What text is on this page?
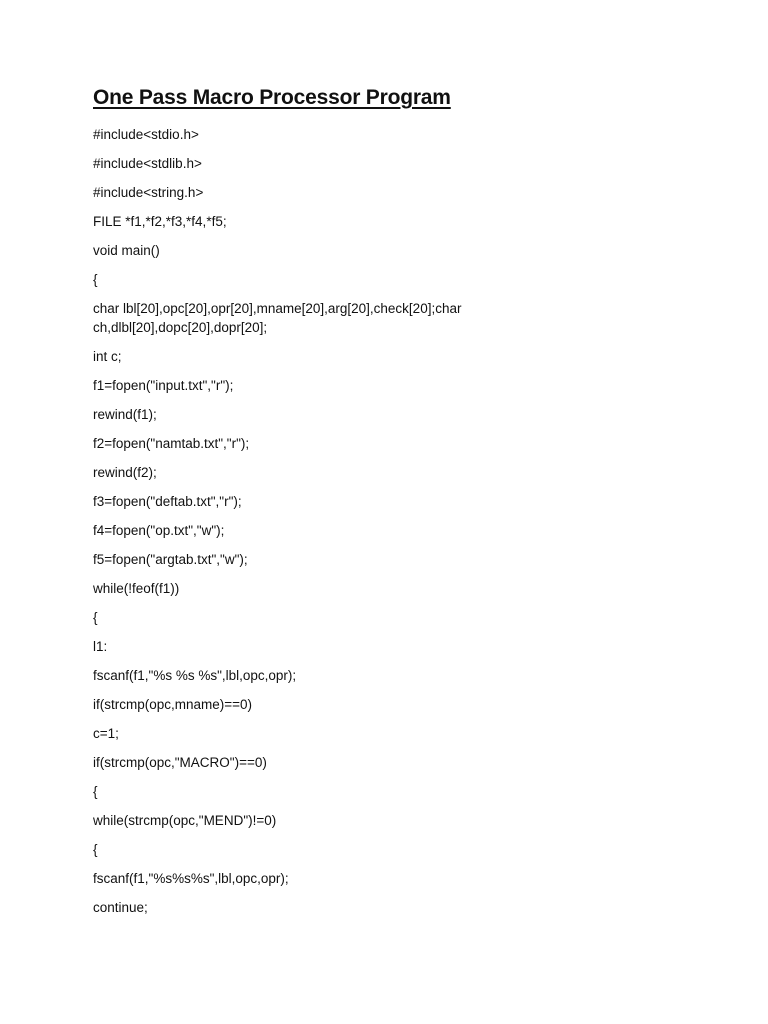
One Pass Macro Processor Program
#include<stdio.h>
#include<stdlib.h>
#include<string.h>
FILE *f1,*f2,*f3,*f4,*f5;
void main()
{
char lbl[20],opc[20],opr[20],mname[20],arg[20],check[20];char
ch,dlbl[20],dopc[20],dopr[20];
int c;
f1=fopen("input.txt","r");
rewind(f1);
f2=fopen("namtab.txt","r");
rewind(f2);
f3=fopen("deftab.txt","r");
f4=fopen("op.txt","w");
f5=fopen("argtab.txt","w");
while(!feof(f1))
{
l1:
fscanf(f1,"%s %s %s",lbl,opc,opr);
if(strcmp(opc,mname)==0)
c=1;
if(strcmp(opc,"MACRO")==0)
{
while(strcmp(opc,"MEND")!=0)
{
fscanf(f1,"%s%s%s",lbl,opc,opr);
continue;
